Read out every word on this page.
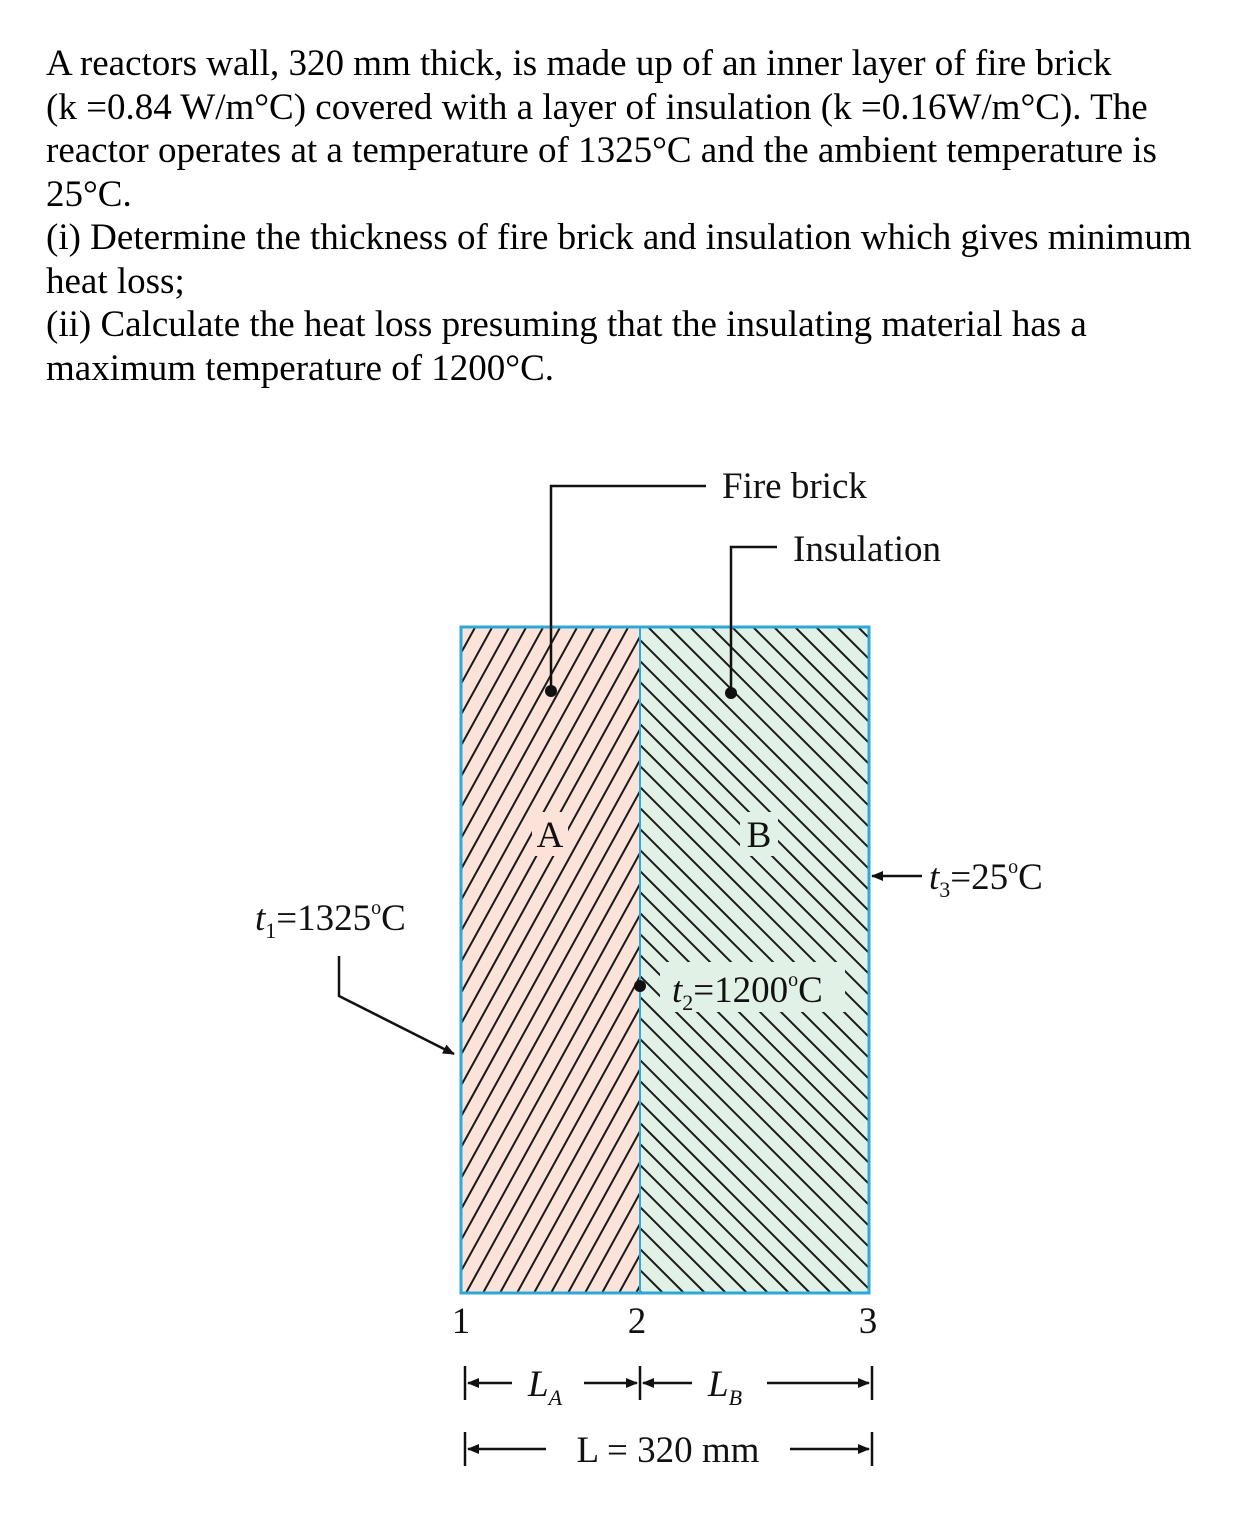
A reactors wall, 320 mm thick, is made up of an inner layer of fire brick

(k =0.84 W/m°C) covered with a layer of insulation (k =0.16W/m°C). The

reactor operates at a temperature of 1325°C and the ambient temperature is

25°C.

(i) Determine the thickness of fire brick and insulation which gives minimum

heat loss;

(ii) Calculate the heat loss presuming that the insulating material has a

maximum temperature of 1200°C.

Fire brick
Insulation
A	B
$t_1=1325^oC$
$t_2=1200^oC$
$t_3=25^oC$
1	2	3
$L_A$	$L_B$
L = 320 mm
